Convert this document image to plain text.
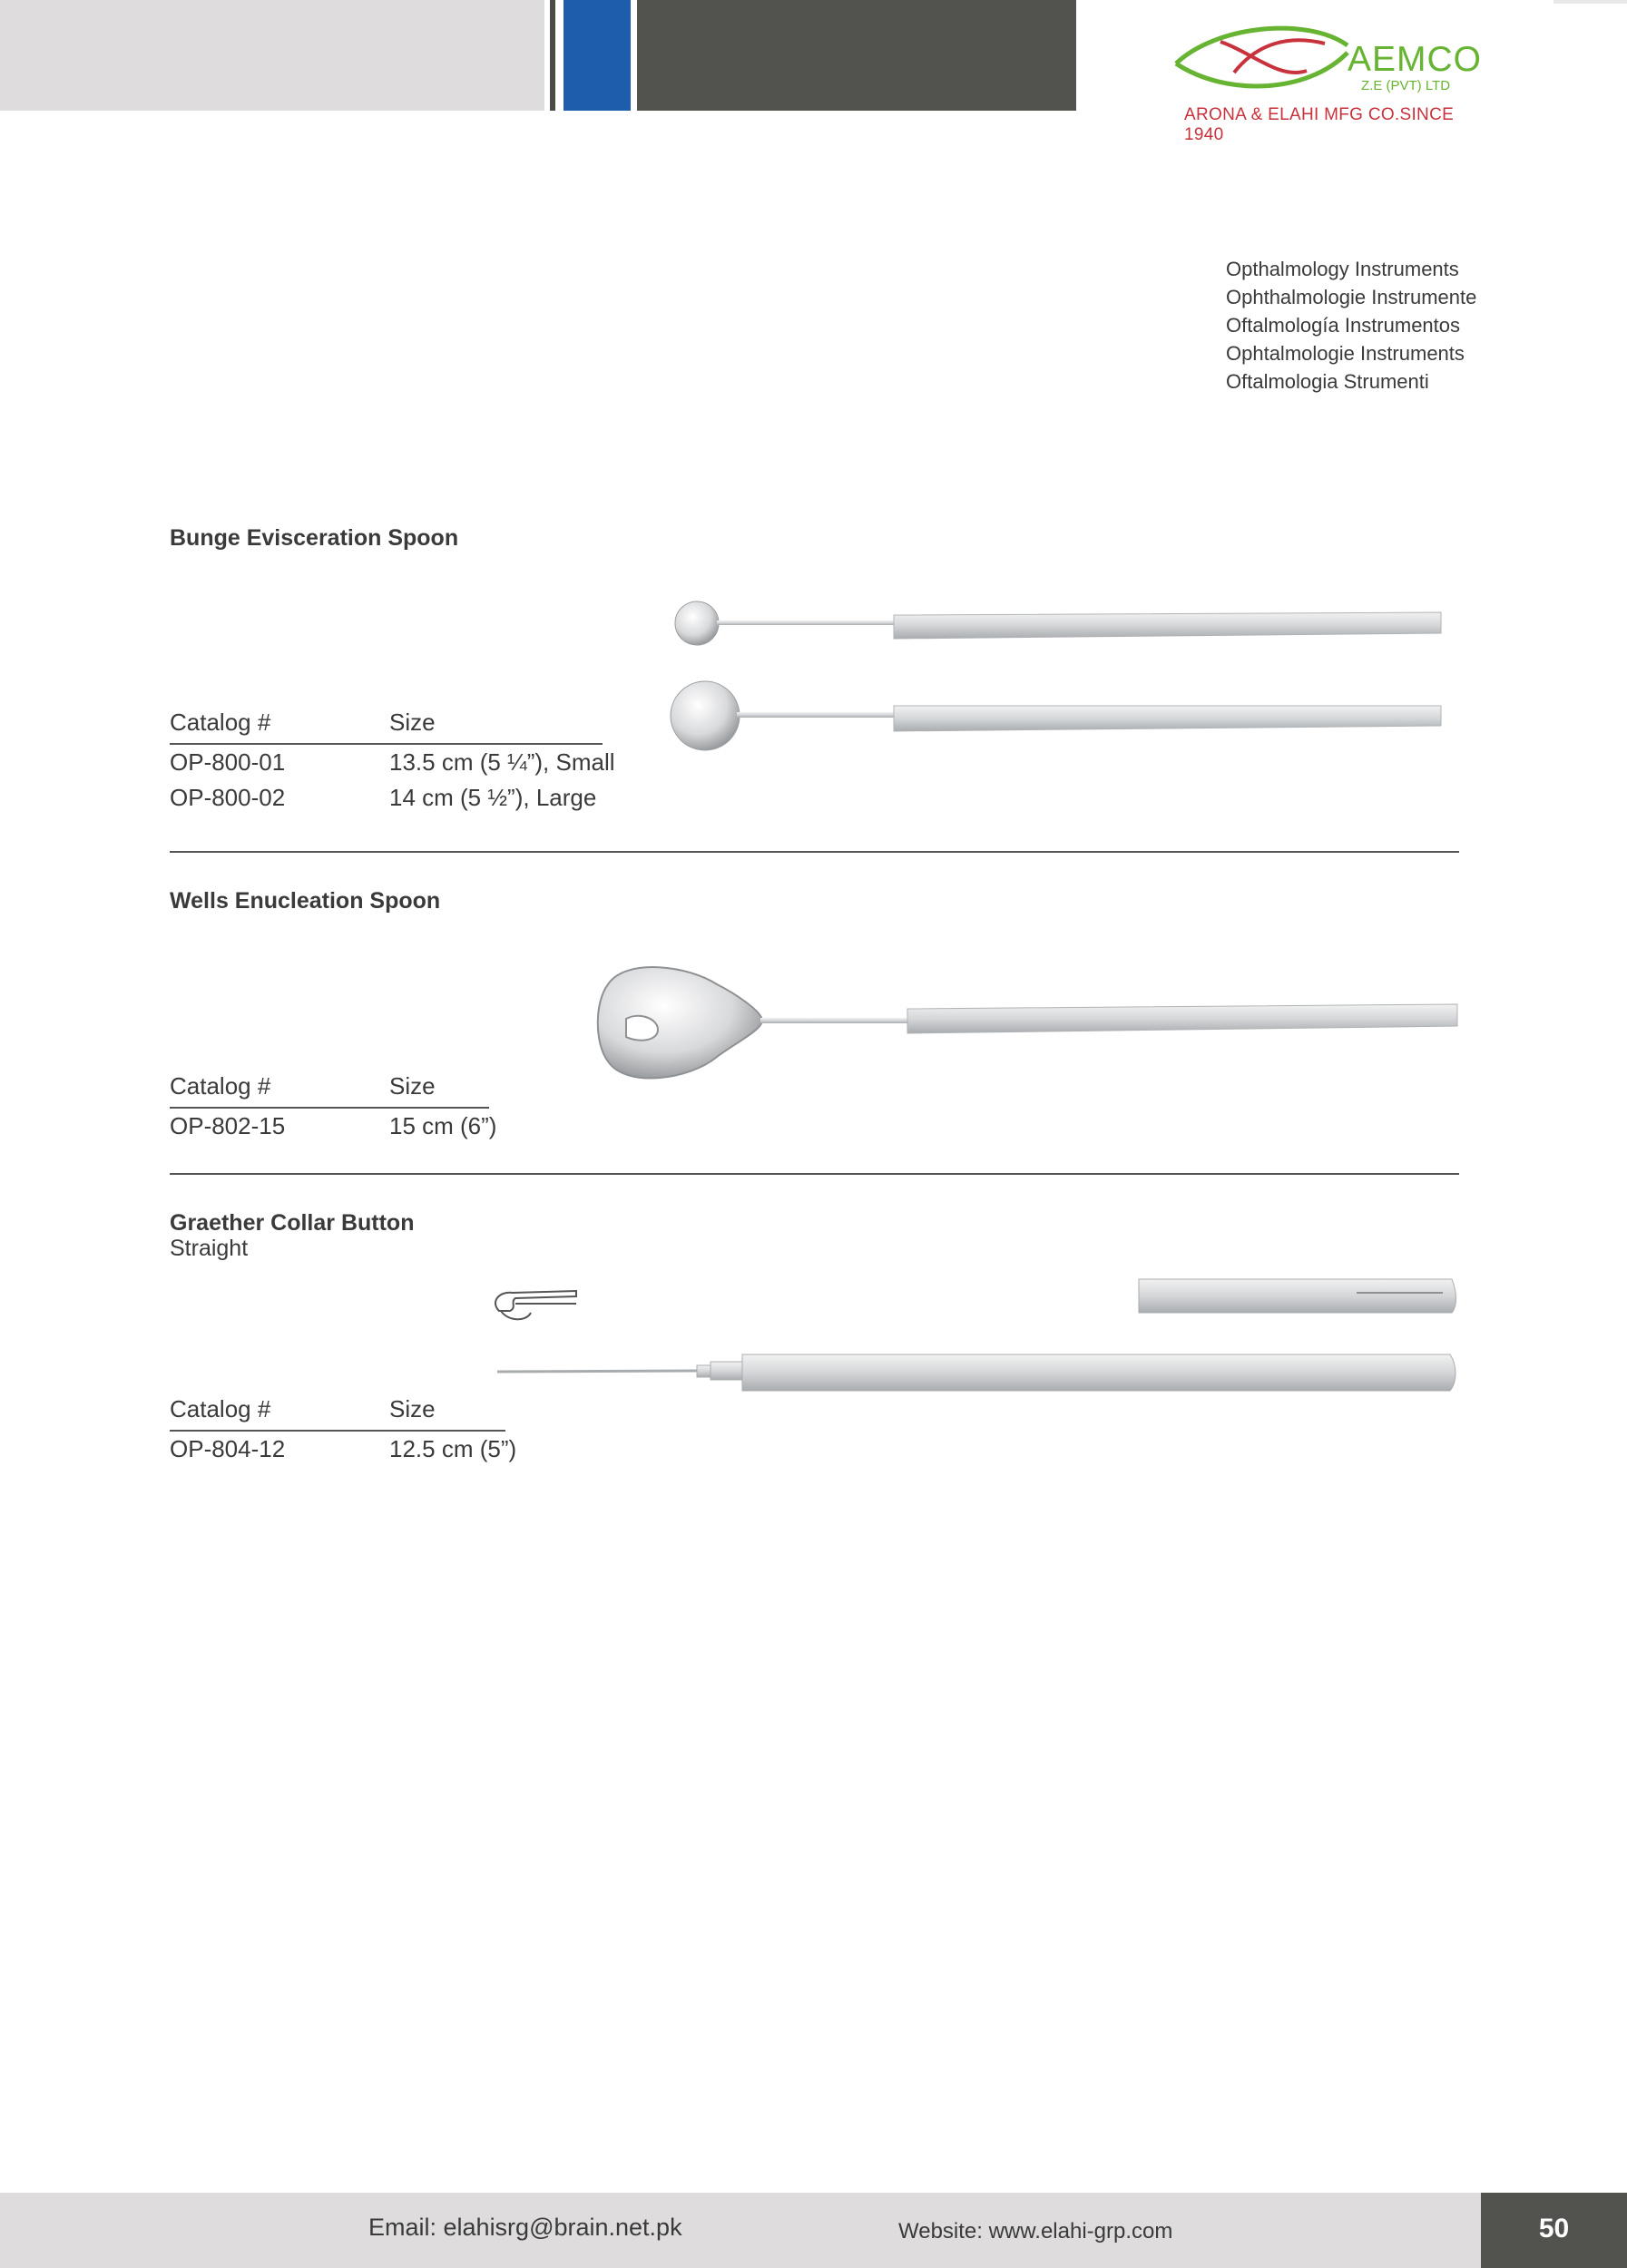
AEMCO
Z.E (PVT) LTD
ARONA & ELAHI MFG CO.SINCE 1940
Opthalmology Instruments
Ophthalmologie Instrumente
Oftalmología Instrumentos
Ophtalmologie Instruments
Oftalmologia Strumenti
Bunge Evisceration Spoon
Catalog #	Size
OP-800-01	13.5 cm (5 ¼”), Small
OP-800-02	14 cm (5 ½”), Large
Wells Enucleation Spoon
Catalog #	Size
OP-802-15	15 cm (6”)
Graether Collar Button
Straight
Catalog #	Size
OP-804-12	12.5 cm (5”)
Email: elahisrg@brain.net.pk	Website: www.elahi-grp.com	50
